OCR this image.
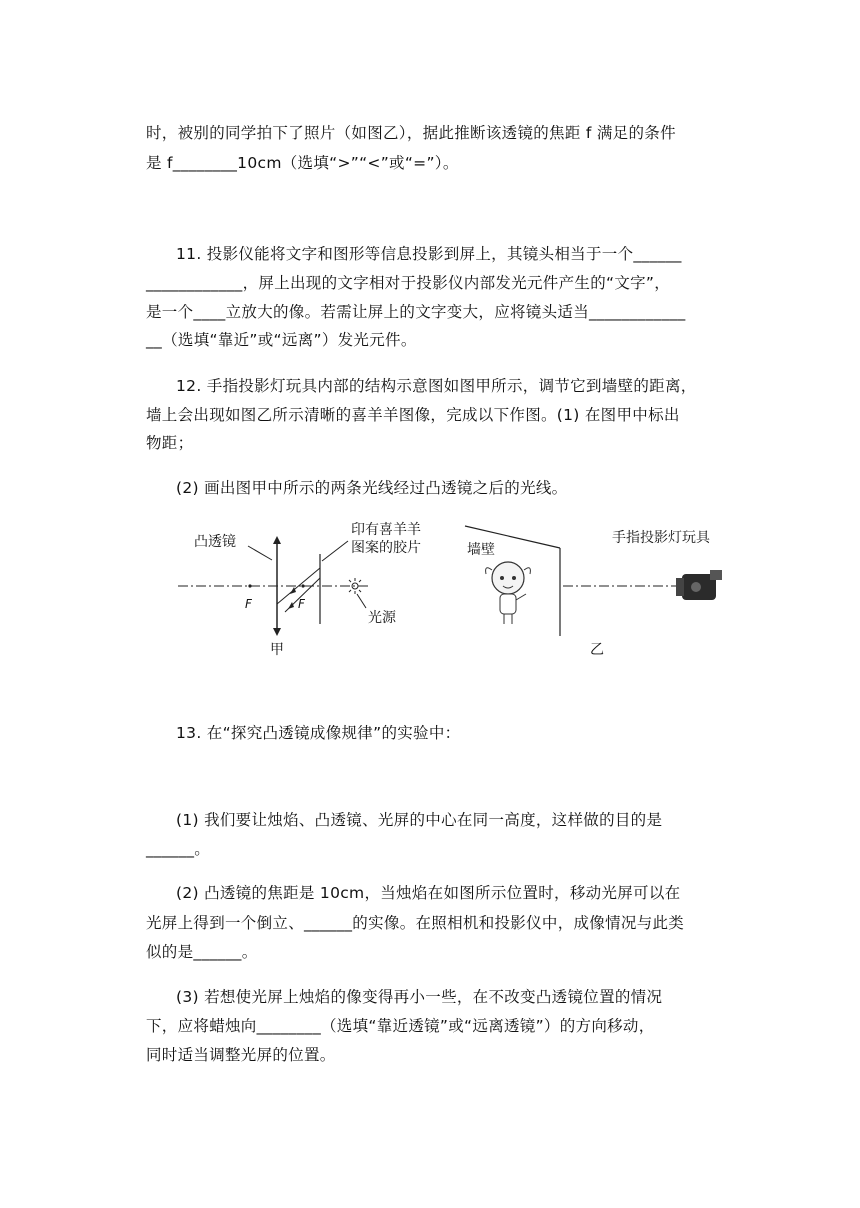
时，被别的同学拍下了照片（如图乙），据此推断该透镜的焦距 f 满足的条件
是 f________10cm（选填“>”“<”或“=”）。
11. 投影仪能将文字和图形等信息投影到屏上，其镜头相当于一个______
____________，屏上出现的文字相对于投影仪内部发光元件产生的“文字”，
是一个____立放大的像。若需让屏上的文字变大，应将镜头适当____________
__（选填“靠近”或“远离”）发光元件。
12. 手指投影灯玩具内部的结构示意图如图甲所示，调节它到墙壁的距离，
墙上会出现如图乙所示清晰的喜羊羊图像，完成以下作图。(1) 在图甲中标出
物距；
(2) 画出图甲中所示的两条光线经过凸透镜之后的光线。
F	F
凸透镜
印有喜羊羊
图案的胶片
光源
甲
墙壁
手指投影灯玩具
乙
13. 在“探究凸透镜成像规律”的实验中：
(1) 我们要让烛焰、凸透镜、光屏的中心在同一高度，这样做的目的是
______。
(2) 凸透镜的焦距是 10cm，当烛焰在如图所示位置时，移动光屏可以在
光屏上得到一个倒立、______的实像。在照相机和投影仪中，成像情况与此类
似的是______。
(3) 若想使光屏上烛焰的像变得再小一些，在不改变凸透镜位置的情况
下，应将蜡烛向________（选填“靠近透镜”或“远离透镜”）的方向移动，
同时适当调整光屏的位置。
